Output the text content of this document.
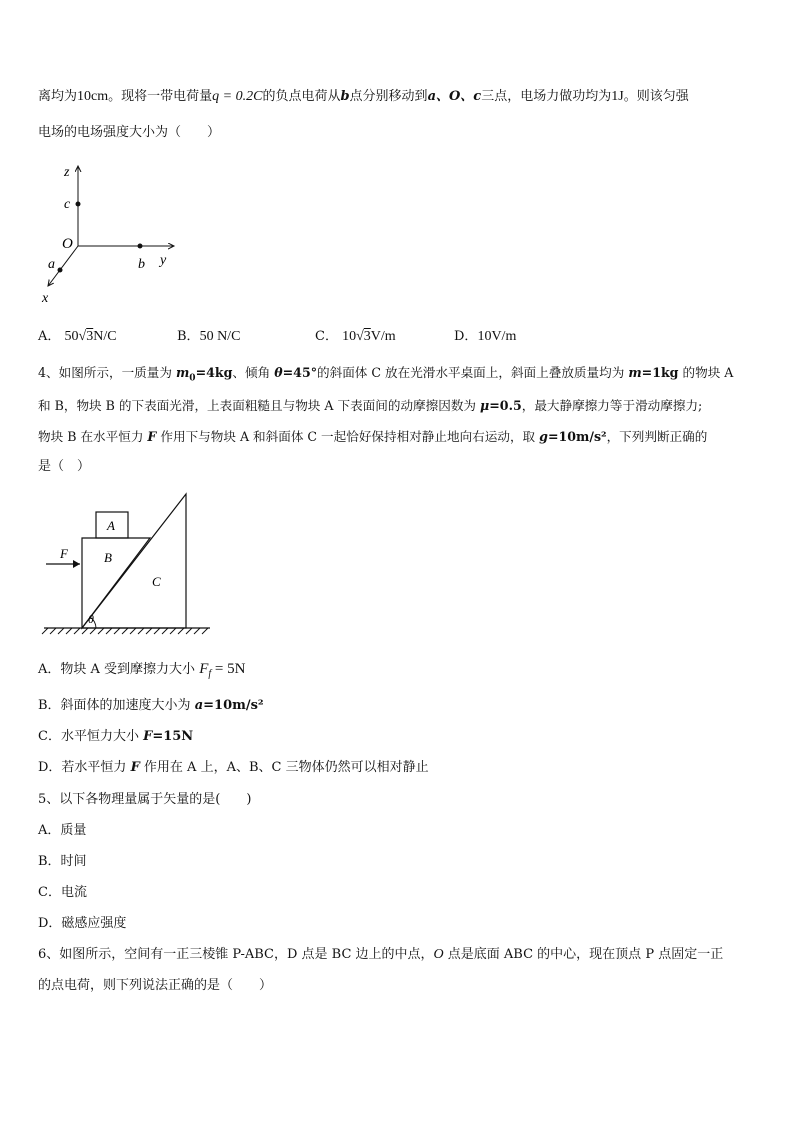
离均为10cm。现将一带电荷量q = 0.2C的负点电荷从b点分别移动到a、O、c三点，电场力做功均为1J。则该匀强
电场的电场强度大小为（　　）
z
c
O
a	b y
x
A． 50√3N/C	B．50 N/C	C． 10√3V/m	D．10V/m
4、如图所示，一质量为 $m_0=4kg$、倾角 θ=45°的斜面体 C 放在光滑水平桌面上，斜面上叠放质量均为 m=1kg 的物块 A
和 B，物块 B 的下表面光滑，上表面粗糙且与物块 A 下表面间的动摩擦因数为 μ=0.5，最大静摩擦力等于滑动摩擦力;
物块 B 在水平恒力 F 作用下与物块 A 和斜面体 C 一起恰好保持相对静止地向右运动，取 g=10m/s²，下列判断正确的
是（　）
A
B
C
F
θ
A．物块 A 受到摩擦力大小 $F_f = 5N$
B．斜面体的加速度大小为 a=10m/s²
C．水平恒力大小 F=15N
D．若水平恒力 F 作用在 A 上，A、B、C 三物体仍然可以相对静止
5、以下各物理量属于矢量的是(　　)
A．质量
B．时间
C．电流
D．磁感应强度
6、如图所示，空间有一正三棱锥 P-ABC，D 点是 BC 边上的中点，O 点是底面 ABC 的中心，现在顶点 P 点固定一正
的点电荷，则下列说法正确的是（　　）
